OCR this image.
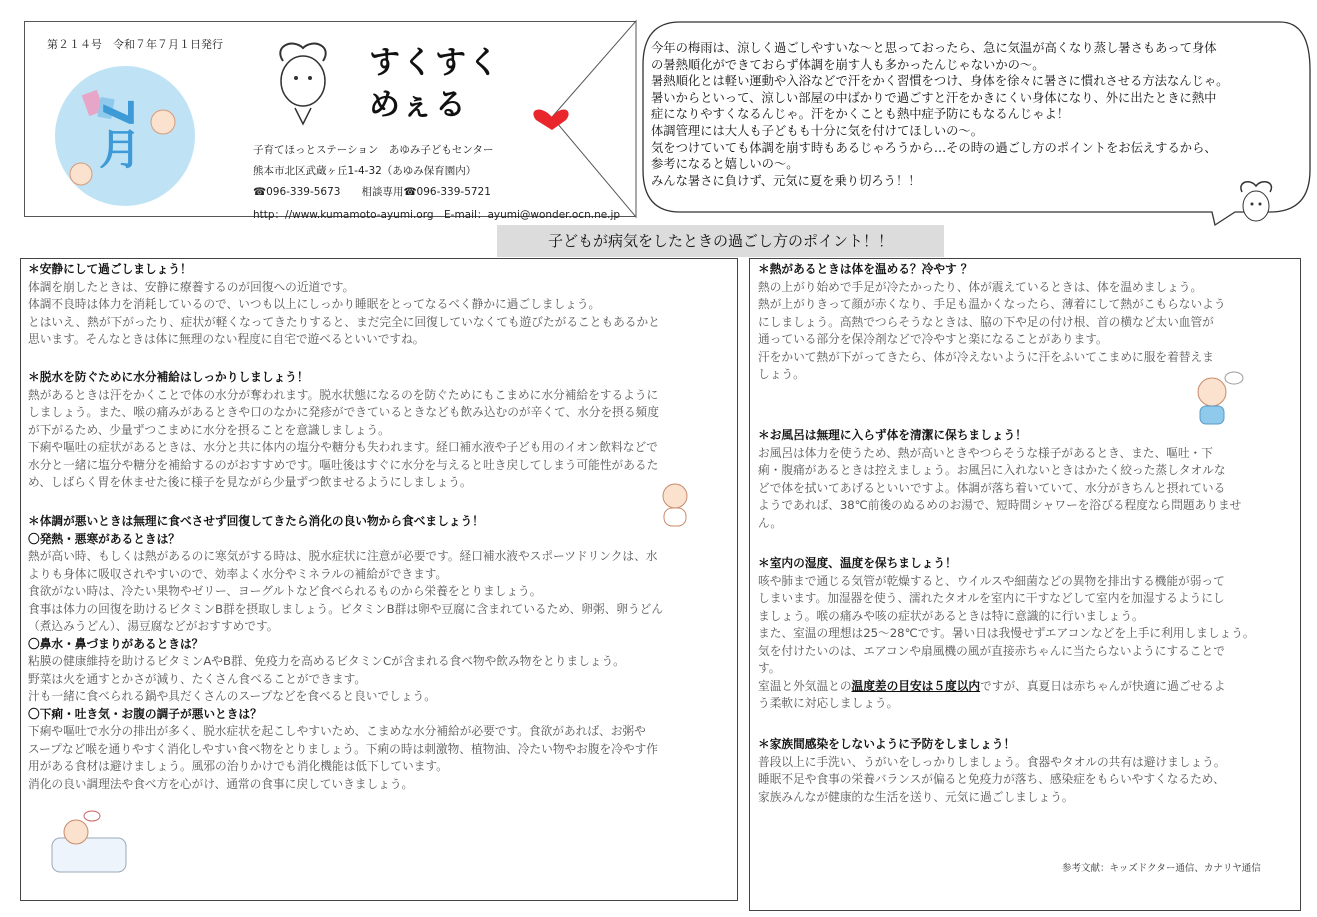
第２１４号　令和７年７月１日発行
7月
すくすく
めぇる
子育てほっとステーション　あゆみ子どもセンター
熊本市北区武蔵ヶ丘1-4-32（あゆみ保育園内）
☎096-339-5673　　相談専用☎096-339-5721
http：//www.kumamoto-ayumi.org　E-mail：ayumi@wonder.ocn.ne.jp
今年の梅雨は、涼しく過ごしやすいな～と思っておったら、急に気温が高くなり蒸し暑さもあって身体
の暑熱順化ができておらず体調を崩す人も多かったんじゃないかの～。
暑熱順化とは軽い運動や入浴などで汗をかく習慣をつけ、身体を徐々に暑さに慣れさせる方法なんじゃ。
暑いからといって、涼しい部屋の中ばかりで過ごすと汗をかきにくい身体になり、外に出たときに熱中
症になりやすくなるんじゃ。汗をかくことも熱中症予防にもなるんじゃよ！
体調管理には大人も子どもも十分に気を付けてほしいの～。
気をつけていても体調を崩す時もあるじゃろうから…その時の過ごし方のポイントをお伝えするから、
参考になると嬉しいの～。
みんな暑さに負けず、元気に夏を乗り切ろう！！
子どもが病気をしたときの過ごし方のポイント！！
＊安静にして過ごしましょう！
体調を崩したときは、安静に療養するのが回復への近道です。
体調不良時は体力を消耗しているので、いつも以上にしっかり睡眠をとってなるべく静かに過ごしましょう。
とはいえ、熱が下がったり、症状が軽くなってきたりすると、まだ完全に回復していなくても遊びたがることもあるかと
思います。そんなときは体に無理のない程度に自宅で遊べるといいですね。
＊脱水を防ぐために水分補給はしっかりしましょう！
熱があるときは汗をかくことで体の水分が奪われます。脱水状態になるのを防ぐためにもこまめに水分補給をするように
しましょう。また、喉の痛みがあるときや口のなかに発疹ができているときなども飲み込むのが辛くて、水分を摂る頻度
が下がるため、少量ずつこまめに水分を摂ることを意識しましょう。
下痢や嘔吐の症状があるときは、水分と共に体内の塩分や糖分も失われます。経口補水液や子ども用のイオン飲料などで
水分と一緒に塩分や糖分を補給するのがおすすめです。嘔吐後はすぐに水分を与えると吐き戻してしまう可能性があるた
め、しばらく胃を休ませた後に様子を見ながら少量ずつ飲ませるようにしましょう。
＊体調が悪いときは無理に食べさせず回復してきたら消化の良い物から食べましょう！
〇発熱・悪寒があるときは？
熱が高い時、もしくは熱があるのに寒気がする時は、脱水症状に注意が必要です。経口補水液やスポーツドリンクは、水
よりも身体に吸収されやすいので、効率よく水分やミネラルの補給ができます。
食欲がない時は、冷たい果物やゼリー、ヨーグルトなど食べられるものから栄養をとりましょう。
食事は体力の回復を助けるビタミンB群を摂取しましょう。ビタミンB群は卵や豆腐に含まれているため、卵粥、卵うどん
（煮込みうどん）、湯豆腐などがおすすめです。
〇鼻水・鼻づまりがあるときは？
粘膜の健康維持を助けるビタミンAやB群、免疫力を高めるビタミンCが含まれる食べ物や飲み物をとりましょう。
野菜は火を通すとかさが減り、たくさん食べることができます。
汁も一緒に食べられる鍋や具だくさんのスープなどを食べると良いでしょう。
〇下痢・吐き気・お腹の調子が悪いときは？
下痢や嘔吐で水分の排出が多く、脱水症状を起こしやすいため、こまめな水分補給が必要です。食欲があれば、お粥や
スープなど喉を通りやすく消化しやすい食べ物をとりましょう。下痢の時は刺激物、植物油、冷たい物やお腹を冷やす作
用がある食材は避けましょう。風邪の治りかけでも消化機能は低下しています。
消化の良い調理法や食べ方を心がけ、通常の食事に戻していきましょう。
＊熱があるときは体を温める？冷やす ？
熱の上がり始めで手足が冷たかったり、体が震えているときは、体を温めましょう。
熱が上がりきって顔が赤くなり、手足も温かくなったら、薄着にして熱がこもらないよう
にしましょう。高熱でつらそうなときは、脇の下や足の付け根、首の横など太い血管が
通っている部分を保冷剤などで冷やすと楽になることがあります。
汗をかいて熱が下がってきたら、体が冷えないように汗をふいてこまめに服を着替えま
しょう。
＊お風呂は無理に入らず体を清潔に保ちましょう！
お風呂は体力を使うため、熱が高いときやつらそうな様子があるとき、また、嘔吐・下
痢・腹痛があるときは控えましょう。お風呂に入れないときはかたく絞った蒸しタオルな
どで体を拭いてあげるといいですよ。体調が落ち着いていて、水分がきちんと摂れている
ようであれば、38℃前後のぬるめのお湯で、短時間シャワーを浴びる程度なら問題ありませ
ん。
＊室内の湿度、温度を保ちましょう！
咳や肺まで通じる気管が乾燥すると、ウイルスや細菌などの異物を排出する機能が弱って
しまいます。加湿器を使う、濡れたタオルを室内に干すなどして室内を加湿するようにし
ましょう。喉の痛みや咳の症状があるときは特に意識的に行いましょう。
また、室温の理想は25～28℃です。暑い日は我慢せずエアコンなどを上手に利用しましょう。
気を付けたいのは、エアコンや扇風機の風が直接赤ちゃんに当たらないようにすることで
す。
室温と外気温との温度差の目安は５度以内ですが、真夏日は赤ちゃんが快適に過ごせるよ
う柔軟に対応しましょう。
＊家族間感染をしないように予防をしましょう！
普段以上に手洗い、うがいをしっかりしましょう。食器やタオルの共有は避けましょう。
睡眠不足や食事の栄養バランスが偏ると免疫力が落ち、感染症をもらいやすくなるため、
家族みんなが健康的な生活を送り、元気に過ごしましょう。
参考文献：キッズドクター通信、カナリヤ通信
